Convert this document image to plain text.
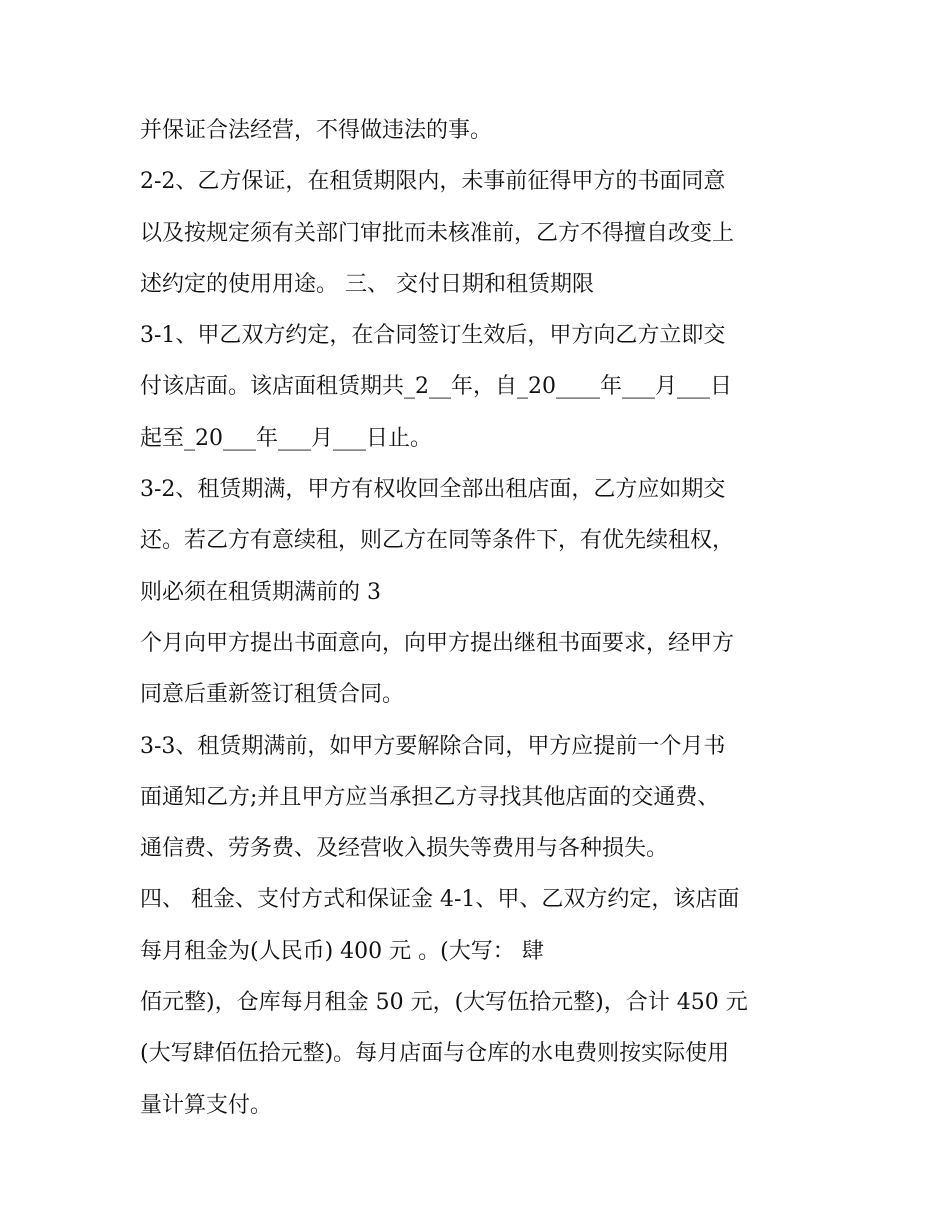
并保证合法经营，不得做违法的事。
2-2、乙方保证，在租赁期限内，未事前征得甲方的书面同意
以及按规定须有关部门审批而未核准前，乙方不得擅自改变上
述约定的使用用途。 三、 交付日期和租赁期限
3-1、甲乙双方约定，在合同签订生效后，甲方向乙方立即交
付该店面。该店面租赁期共_2__年，自_20____年___月___日
起至_20___年___月___日止。
3-2、租赁期满，甲方有权收回全部出租店面，乙方应如期交
还。若乙方有意续租，则乙方在同等条件下，有优先续租权，
则必须在租赁期满前的 3
个月向甲方提出书面意向，向甲方提出继租书面要求，经甲方
同意后重新签订租赁合同。
3-3、租赁期满前，如甲方要解除合同，甲方应提前一个月书
面通知乙方;并且甲方应当承担乙方寻找其他店面的交通费、
通信费、劳务费、及经营收入损失等费用与各种损失。
四、 租金、支付方式和保证金 4-1、甲、乙双方约定，该店面
每月租金为(人民币) 400 元 。(大写： 肆
佰元整)，仓库每月租金 50 元，(大写伍拾元整)，合计 450 元
(大写肆佰伍拾元整)。每月店面与仓库的水电费则按实际使用
量计算支付。
